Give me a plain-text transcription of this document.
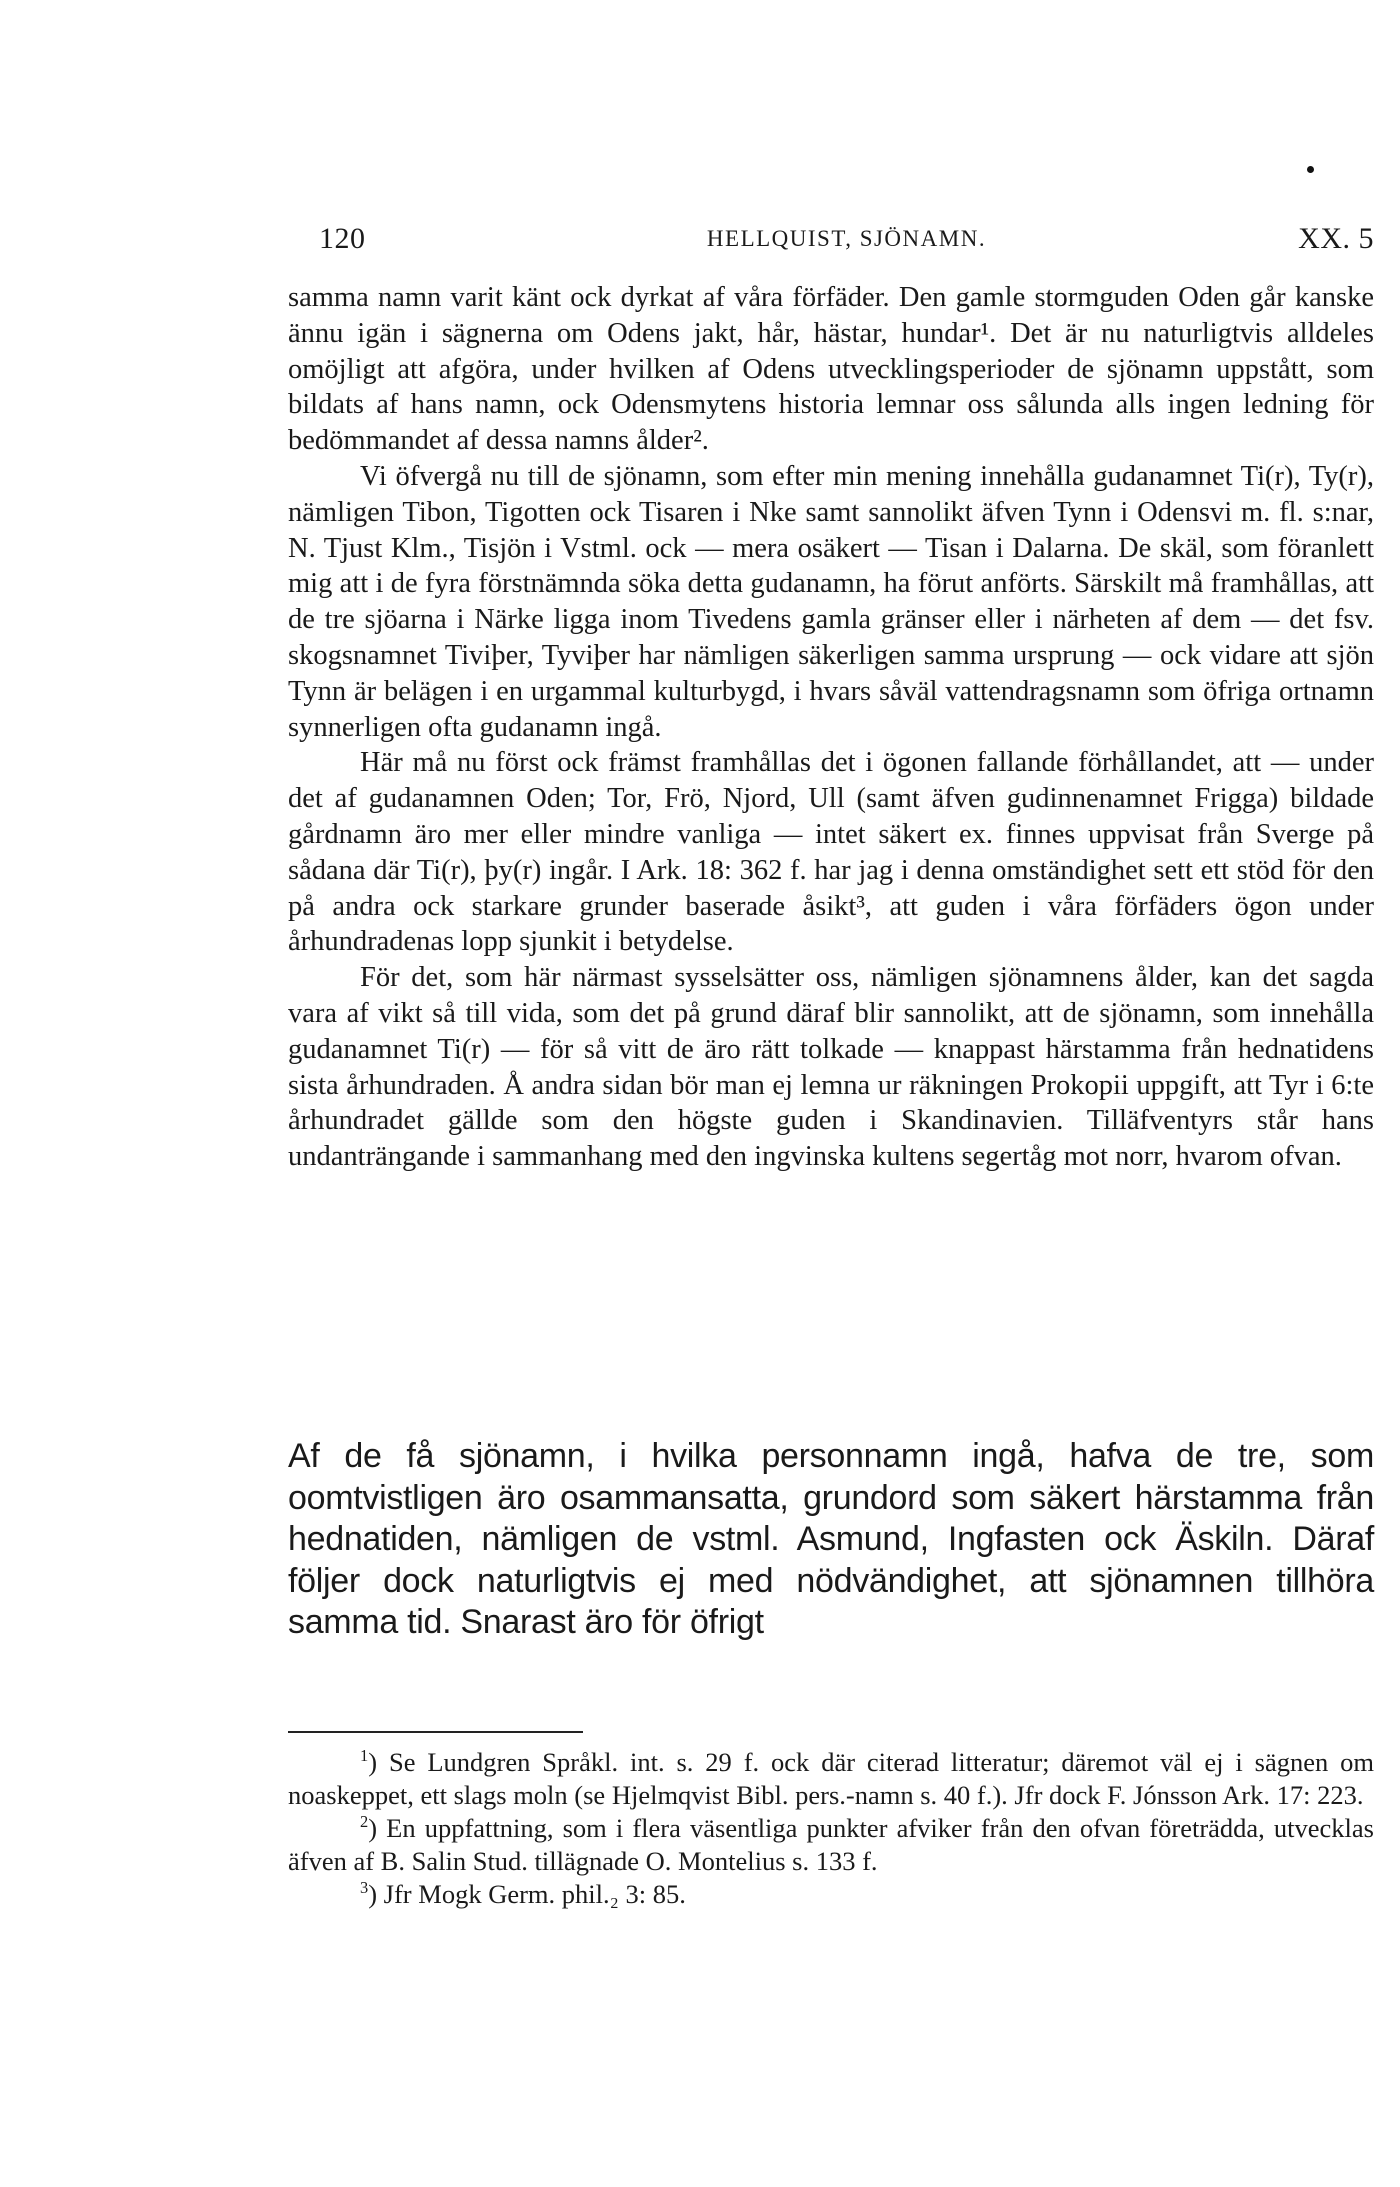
120	HELLQUIST, SJÖNAMN.	XX. 5

samma namn varit känt ock dyrkat af våra förfäder. Den gamle stormguden Oden går kanske ännu igän i sägnerna om Odens jakt, hår, hästar, hundar¹. Det är nu naturligtvis alldeles omöjligt att afgöra, under hvilken af Odens utvecklingsperioder de sjönamn uppstått, som bildats af hans namn, ock Odensmytens historia lemnar oss sålunda alls ingen ledning för bedömmandet af dessa namns ålder².

Vi öfvergå nu till de sjönamn, som efter min mening innehålla gudanamnet Ti(r), Ty(r), nämligen Tibon, Tigotten ock Tisaren i Nke samt sannolikt äfven Tynn i Odensvi m. fl. s:nar, N. Tjust Klm., Tisjön i Vstml. ock — mera osäkert — Tisan i Dalarna. De skäl, som föranlett mig att i de fyra förstnämnda söka detta gudanamn, ha förut anförts. Särskilt må framhållas, att de tre sjöarna i Närke ligga inom Tivedens gamla gränser eller i närheten af dem — det fsv. skogsnamnet Tiviþer, Tyviþer har nämligen säkerligen samma ursprung — ock vidare att sjön Tynn är belägen i en urgammal kulturbygd, i hvars såväl vattendragsnamn som öfriga ortnamn synnerligen ofta gudanamn ingå.

Här må nu först ock främst framhållas det i ögonen fallande förhållandet, att — under det af gudanamnen Oden; Tor, Frö, Njord, Ull (samt äfven gudinnenamnet Frigga) bildade gårdnamn äro mer eller mindre vanliga — intet säkert ex. finnes uppvisat från Sverge på sådana där Ti(r), þy(r) ingår. I Ark. 18: 362 f. har jag i denna omständighet sett ett stöd för den på andra ock starkare grunder baserade åsikt³, att guden i våra förfäders ögon under århundradenas lopp sjunkit i betydelse.

För det, som här närmast sysselsätter oss, nämligen sjönamnens ålder, kan det sagda vara af vikt så till vida, som det på grund däraf blir sannolikt, att de sjönamn, som innehålla gudanamnet Ti(r) — för så vitt de äro rätt tolkade — knappast härstamma från hednatidens sista århundraden. Å andra sidan bör man ej lemna ur räkningen Prokopii uppgift, att Tyr i 6:te århundradet gällde som den högste guden i Skandinavien. Tilläfventyrs står hans undanträngande i sammanhang med den ingvinska kultens segertåg mot norr, hvarom ofvan.

Af de få sjönamn, i hvilka personnamn ingå, hafva de tre, som oomtvistligen äro osammansatta, grundord som säkert härstamma från hednatiden, nämligen de vstml. Asmund, Ingfasten ock Äskiln. Däraf följer dock naturligtvis ej med nödvändighet, att sjönamnen tillhöra samma tid. Snarast äro för öfrigt

$^1$) Se Lundgren Språkl. int. s. 29 f. ock där citerad litteratur; däremot väl ej i sägnen om noaskeppet, ett slags moln (se Hjelmqvist Bibl. pers.-namn s. 40 f.). Jfr dock F. Jónsson Ark. 17: 223.

$^2$) En uppfattning, som i flera väsentliga punkter afviker från den ofvan företrädda, utvecklas äfven af B. Salin Stud. tillägnade O. Montelius s. 133 f.

$^3$) Jfr Mogk Germ. phil.₂ 3: 85.
